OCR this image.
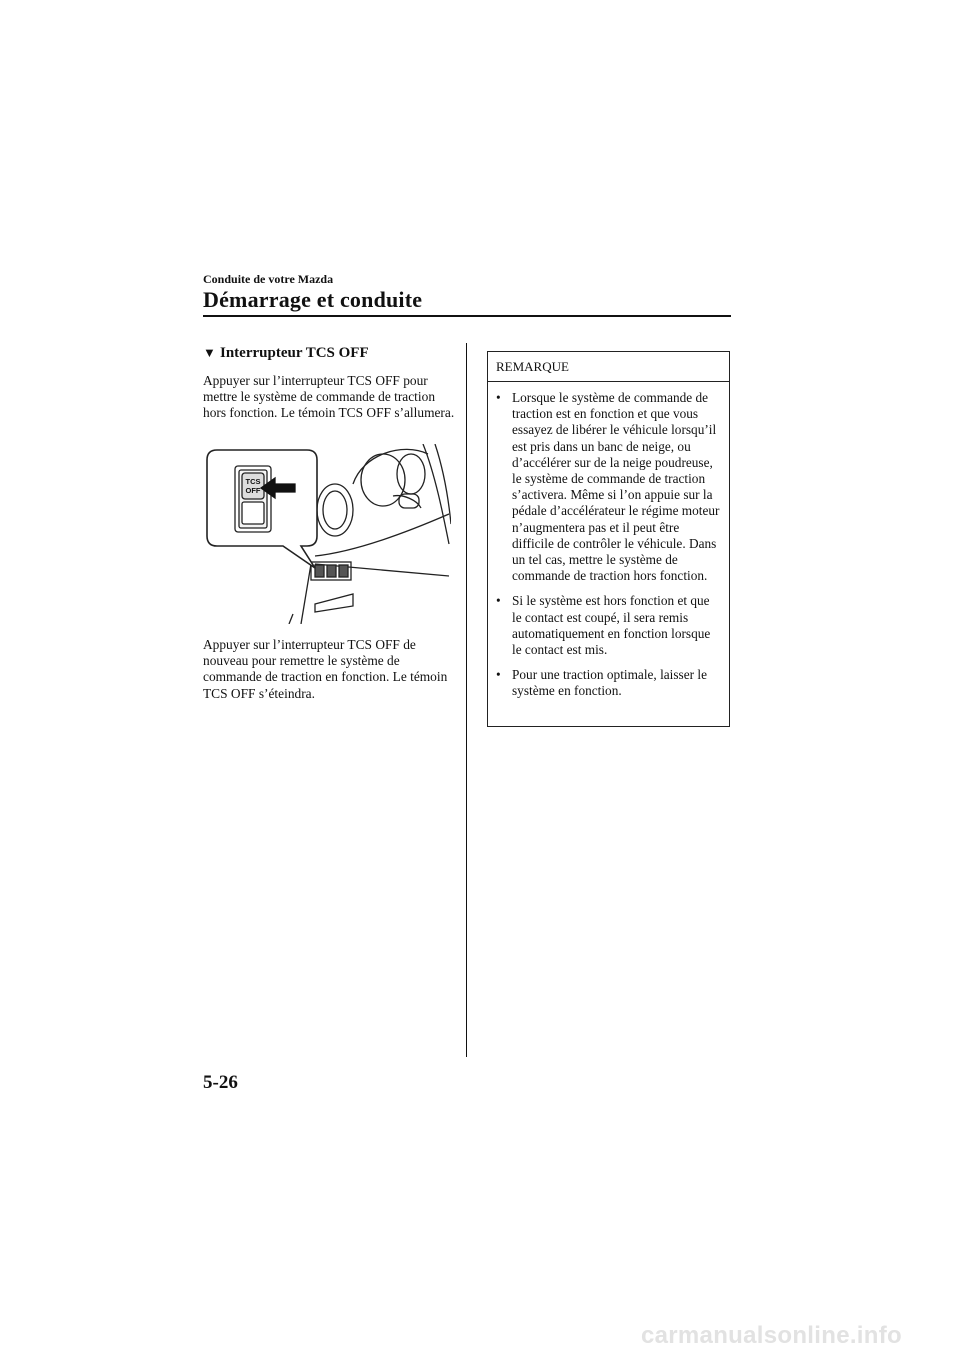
Conduite de votre Mazda
Démarrage et conduite
▼ Interrupteur TCS OFF
Appuyer sur l’interrupteur TCS OFF pour mettre le système de commande de traction hors fonction. Le témoin TCS OFF s’allumera.
TCS
OFF
Appuyer sur l’interrupteur TCS OFF de nouveau pour remettre le système de commande de traction en fonction. Le témoin TCS OFF s’éteindra.
REMARQUE
• Lorsque le système de commande de traction est en fonction et que vous essayez de libérer le véhicule lorsqu’il est pris dans un banc de neige, ou d’accélérer sur de la neige poudreuse, le système de commande de traction s’activera. Même si l’on appuie sur la pédale d’accélérateur le régime moteur n’augmentera pas et il peut être difficile de contrôler le véhicule. Dans un tel cas, mettre le système de commande de traction hors fonction.
• Si le système est hors fonction et que le contact est coupé, il sera remis automatiquement en fonction lorsque le contact est mis.
• Pour une traction optimale, laisser le système en fonction.
5-26
carmanualsonline.info
